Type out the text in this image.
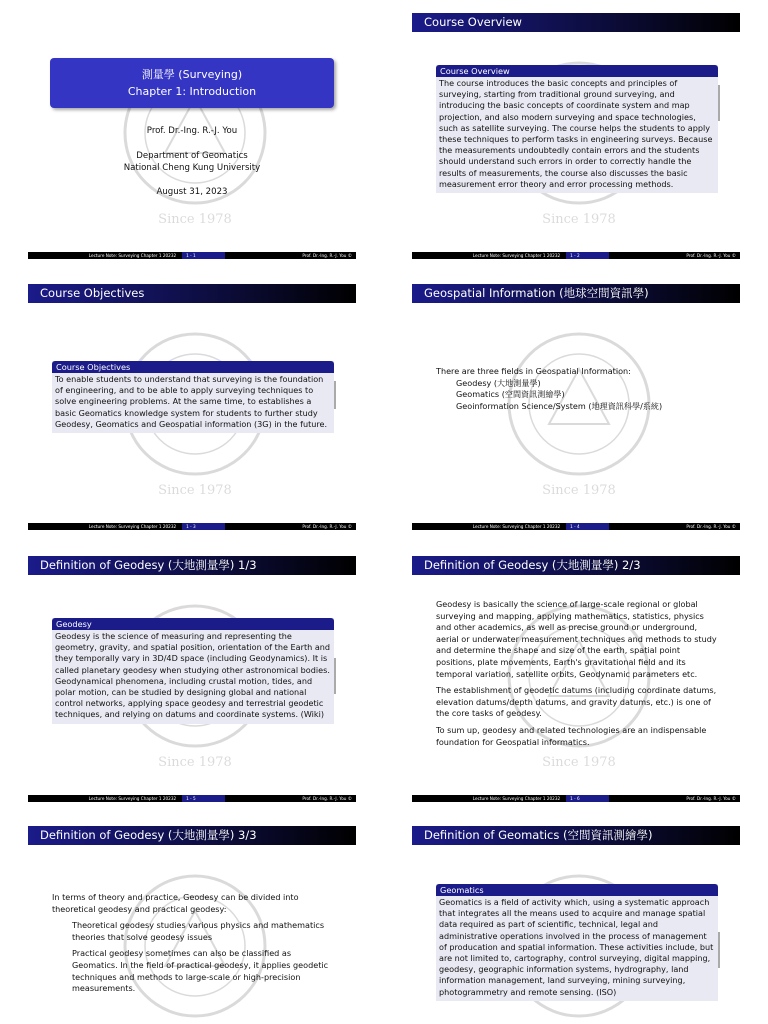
Since 1978
測量學 (Surveying)
Chapter 1: Introduction
Prof. Dr.-Ing. R.-J. You
Department of Geomatics
National Cheng Kung University
August 31, 2023
Lecture Note: Surveying Chapter 1 20232	1 - 1	Prof. Dr.-Ing. R.-J. You ©
Course Overview
Since 1978
Course Overview
The course introduces the basic concepts and principles of surveying, starting from traditional ground surveying, and introducing the basic concepts of coordinate system and map projection, and also modern surveying and space technologies, such as satellite surveying. The course helps the students to apply these techniques to perform tasks in engineering surveys. Because the measurements undoubtedly contain errors and the students should understand such errors in order to correctly handle the results of measurements, the course also discusses the basic measurement error theory and error processing methods.
Lecture Note: Surveying Chapter 1 20232	1 - 2	Prof. Dr.-Ing. R.-J. You ©
Course Objectives
Since 1978
Course Objectives
To enable students to understand that surveying is the foundation of engineering, and to be able to apply surveying techniques to solve engineering problems. At the same time, to establishes a basic Geomatics knowledge system for students to further study Geodesy, Geomatics and Geospatial information (3G) in the future.
Lecture Note: Surveying Chapter 1 20232	1 - 3	Prof. Dr.-Ing. R.-J. You ©
Geospatial Information (地球空間資訊學)
Since 1978
There are three fields in Geospatial Information:
Geodesy (大地測量學)
Geomatics (空間資訊測繪學)
Geoinformation Science/System (地理資訊科學/系統)
Lecture Note: Surveying Chapter 1 20232	1 - 4	Prof. Dr.-Ing. R.-J. You ©
Definition of Geodesy (大地測量學) 1/3
Since 1978
Geodesy
Geodesy is the science of measuring and representing the geometry, gravity, and spatial position, orientation of the Earth and they temporally vary in 3D/4D space (including Geodynamics). It is called planetary geodesy when studying other astronomical bodies. Geodynamical phenomena, including crustal motion, tides, and polar motion, can be studied by designing global and national control networks, applying space geodesy and terrestrial geodetic techniques, and relying on datums and coordinate systems. (Wiki)
Lecture Note: Surveying Chapter 1 20232	1 - 5	Prof. Dr.-Ing. R.-J. You ©
Definition of Geodesy (大地測量學) 2/3
Since 1978

Geodesy is basically the science of large-scale regional or global surveying and mapping, applying mathematics, statistics, physics and other academics, as well as precise ground or underground, aerial or underwater measurement techniques and methods to study and determine the shape and size of the earth, spatial point positions, plate movements, Earth's gravitational field and its temporal variation, satellite orbits, Geodynamic parameters etc.

The establishment of geodetic datums (including coordinate datums, elevation datums/depth datums, and gravity datums, etc.) is one of the core tasks of geodesy.

To sum up, geodesy and related technologies are an indispensable foundation for Geospatial informatics.

Lecture Note: Surveying Chapter 1 20232	1 - 6	Prof. Dr.-Ing. R.-J. You ©
Definition of Geodesy (大地測量學) 3/3

In terms of theory and practice, Geodesy can be divided into theoretical geodesy and practical geodesy:

Theoretical geodesy studies various physics and mathematics theories that solve geodesy issues

Practical geodesy sometimes can also be classified as Geomatics. In the field of practical geodesy, it applies geodetic techniques and methods to large-scale or high-precision measurements.

Definition of Geomatics (空間資訊測繪學)
Geomatics
Geomatics is a field of activity which, using a systematic approach that integrates all the means used to acquire and manage spatial data required as part of scientific, technical, legal and administrative operations involved in the process of management of producation and spatial information. These activities include, but are not limited to, cartography, control surveying, digital mapping, geodesy, geographic information systems, hydrography, land information management, land surveying, mining surveying, photogrammetry and remote sensing. (ISO)
